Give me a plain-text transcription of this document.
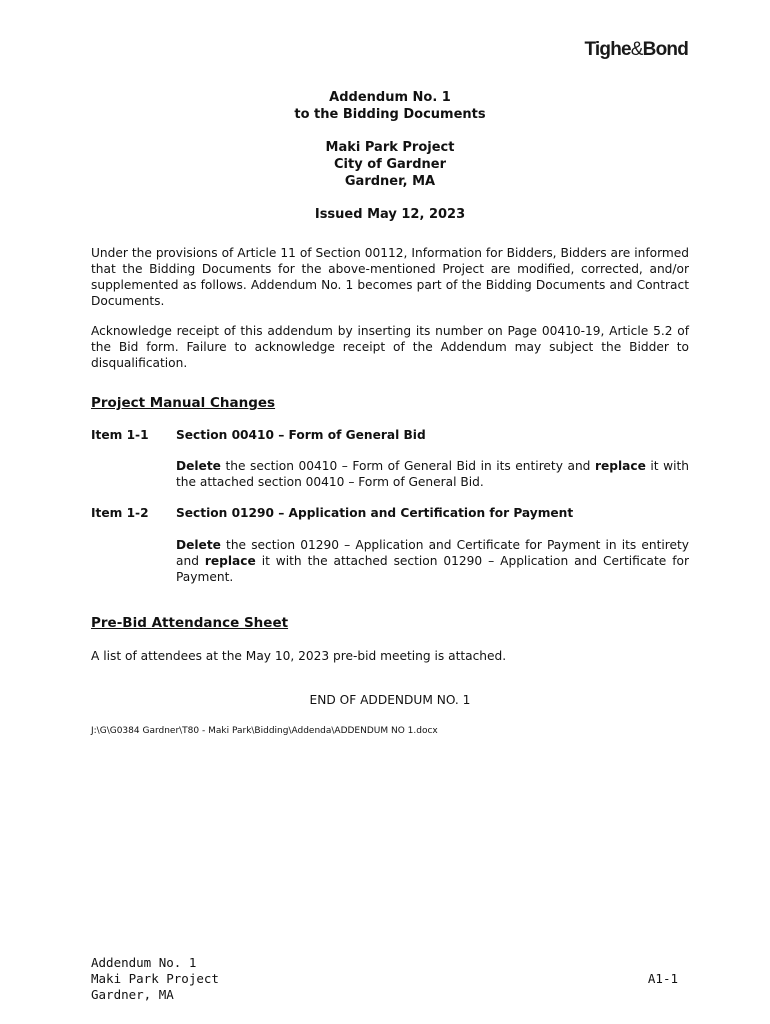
Tighe&Bond
Addendum No. 1
to the Bidding Documents
Maki Park Project
City of Gardner
Gardner, MA
Issued May 12, 2023
Under the provisions of Article 11 of Section 00112, Information for Bidders, Bidders are informed that the Bidding Documents for the above-mentioned Project are modified, corrected, and/or supplemented as follows. Addendum No. 1 becomes part of the Bidding Documents and Contract Documents.
Acknowledge receipt of this addendum by inserting its number on Page 00410-19, Article 5.2 of the Bid form. Failure to acknowledge receipt of the Addendum may subject the Bidder to disqualification.
Project Manual Changes
Item 1-1 Section 00410 – Form of General Bid
Delete the section 00410 – Form of General Bid in its entirety and replace it with the attached section 00410 – Form of General Bid.
Item 1-2 Section 01290 – Application and Certification for Payment
Delete the section 01290 – Application and Certificate for Payment in its entirety and replace it with the attached section 01290 – Application and Certificate for Payment.
Pre-Bid Attendance Sheet
A list of attendees at the May 10, 2023 pre-bid meeting is attached.
END OF ADDENDUM NO. 1
J:\G\G0384 Gardner\T80 - Maki Park\Bidding\Addenda\ADDENDUM NO 1.docx
Addendum No. 1
Maki Park Project
Gardner, MA
A1-1
